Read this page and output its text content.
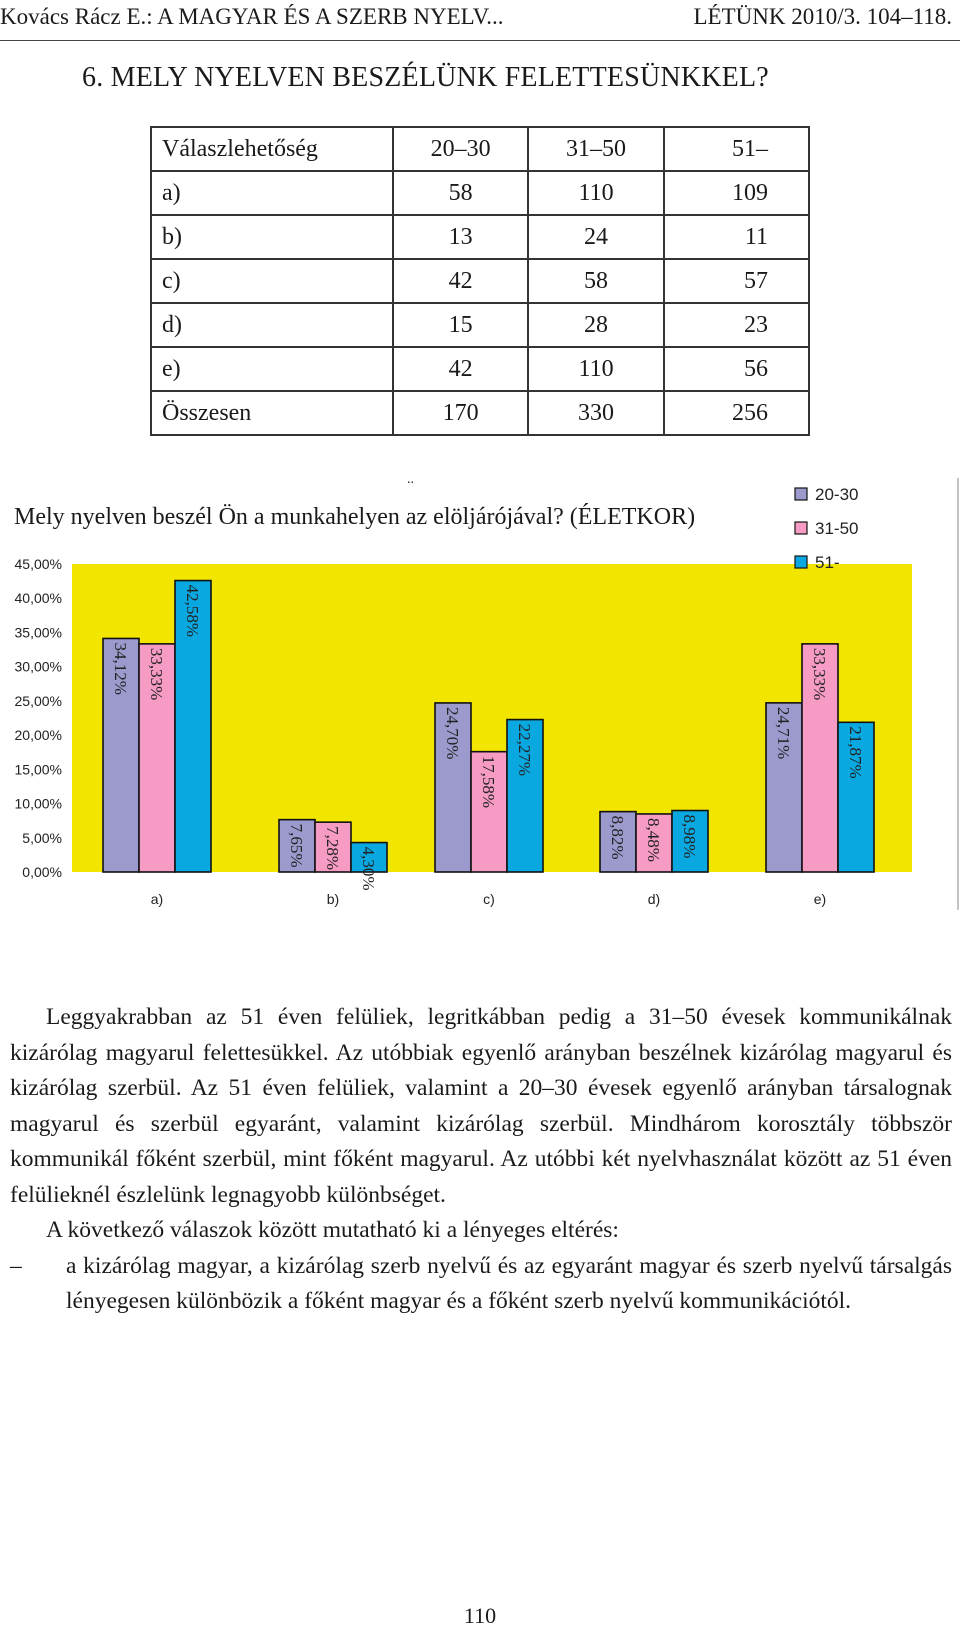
Kovács Rácz E.: A MAGYAR ÉS A SZERB NYELV...	LÉTÜNK 2010/3. 104–118.
6. MELY NYELVEN BESZÉLÜNK FELETTESÜNKKEL?
Válaszlehetőség	20–30	31–50	51–
a)	58	110	109
b)	13	24	11
c)	42	58	57
d)	15	28	23
e)	42	110	56
Összesen	170	330	256
..
Mely nyelven beszél Ön a munkahelyen az elöljárójával? (ÉLETKOR)
0,00%
5,00%
10,00%
15,00%
20,00%
25,00%
30,00%
35,00%
40,00%
45,00%
34,12%
7,65%
24,70%
8,82%
24,71%
33,33%
7,28%
17,58%
8,48%
33,33%
42,58%
4,30%
22,27%
8,98%
21,87%
a)	b)	c)	d)	e)
20-30
31-50
51-

Leggyakrabban az 51 éven felüliek, legritkábban pedig a 31–50 évesek kommunikálnak kizárólag magyarul felettesükkel. Az utóbbiak egyenlő arányban beszélnek kizárólag magyarul és kizárólag szerbül. Az 51 éven felüliek, valamint a 20–30 évesek egyenlő arányban társalognak magyarul és szerbül egyaránt, valamint kizárólag szerbül. Mindhárom korosztály többször kommunikál főként szerbül, mint főként magyarul. Az utóbbi két nyelvhasználat között az 51 éven felülieknél észlelünk legnagyobb különbséget.

A következő válaszok között mutatható ki a lényeges eltérés:

– a kizárólag magyar, a kizárólag szerb nyelvű és az egyaránt magyar és szerb nyelvű társalgás lényegesen különbözik a főként magyar és a főként szerb nyelvű kommunikációtól.

110
